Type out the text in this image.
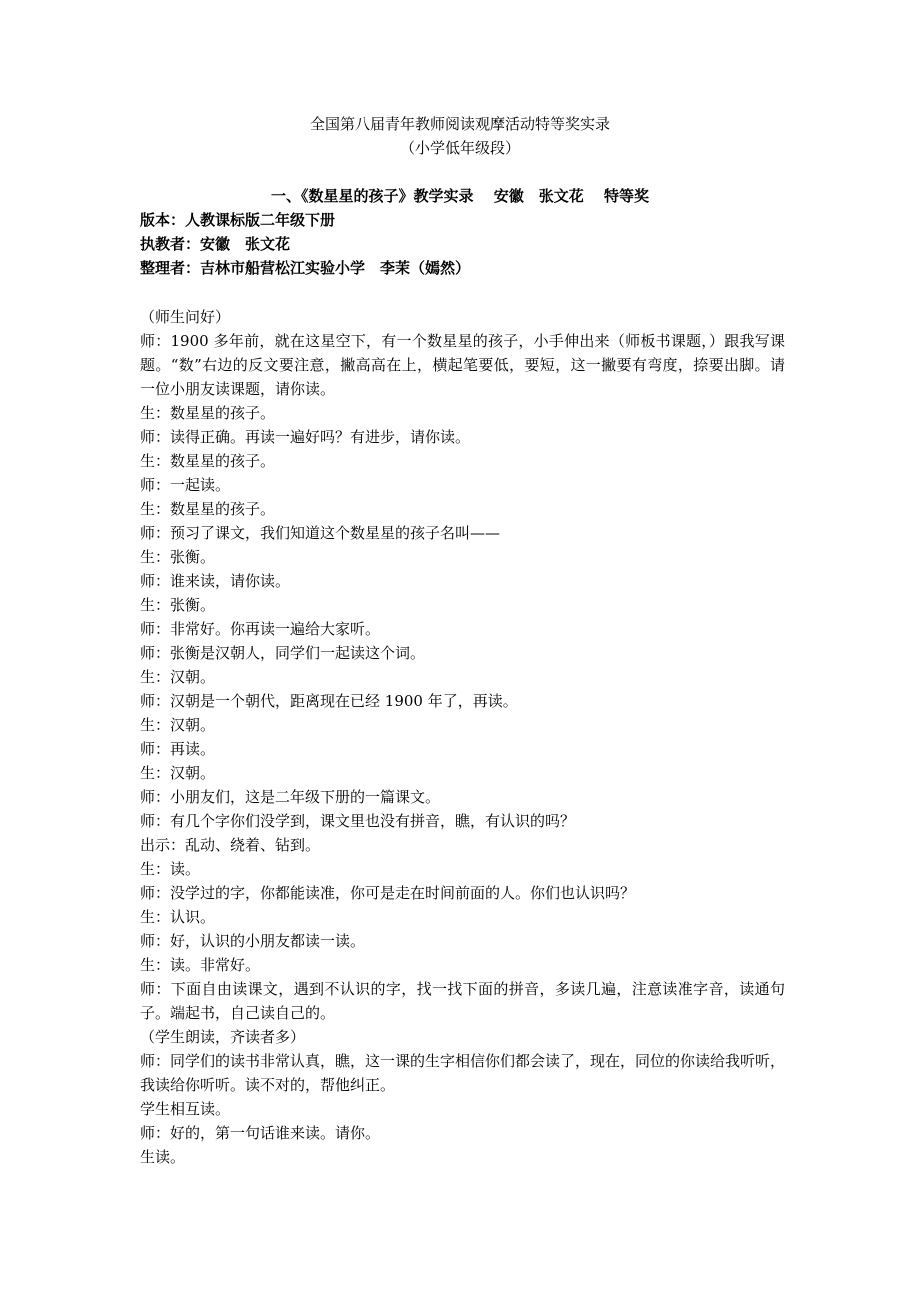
全国第八届青年教师阅读观摩活动特等奖实录
（小学低年级段）
一、《数星星的孩子》教学实录　 安徽　张文花　 特等奖
版本：人教课标版二年级下册
执教者：安徽　张文花
整理者：吉林市船营松江实验小学　李茉（嫣然）

（师生问好）

师：1900 多年前，就在这星空下，有一个数星星的孩子，小手伸出来（师板书课题，）跟我写课题。“数”右边的反文要注意，撇高高在上，横起笔要低，要短，这一撇要有弯度，捺要出脚。请一位小朋友读课题，请你读。

生：数星星的孩子。

师：读得正确。再读一遍好吗？有进步，请你读。

生：数星星的孩子。

师：一起读。

生：数星星的孩子。

师：预习了课文，我们知道这个数星星的孩子名叫——

生：张衡。

师：谁来读，请你读。

生：张衡。

师：非常好。你再读一遍给大家听。

师：张衡是汉朝人，同学们一起读这个词。

生：汉朝。

师：汉朝是一个朝代，距离现在已经 1900 年了，再读。

生：汉朝。

师：再读。

生：汉朝。

师：小朋友们，这是二年级下册的一篇课文。

师：有几个字你们没学到，课文里也没有拼音，瞧，有认识的吗？

出示：乱动、绕着、钻到。

生：读。

师：没学过的字，你都能读准，你可是走在时间前面的人。你们也认识吗？

生：认识。

师：好，认识的小朋友都读一读。

生：读。非常好。

师：下面自由读课文，遇到不认识的字，找一找下面的拼音，多读几遍，注意读准字音，读通句子。端起书，自己读自己的。

（学生朗读，齐读者多）

师：同学们的读书非常认真，瞧，这一课的生字相信你们都会读了，现在，同位的你读给我听听，我读给你听听。读不对的，帮他纠正。

学生相互读。

师：好的，第一句话谁来读。请你。

生读。
